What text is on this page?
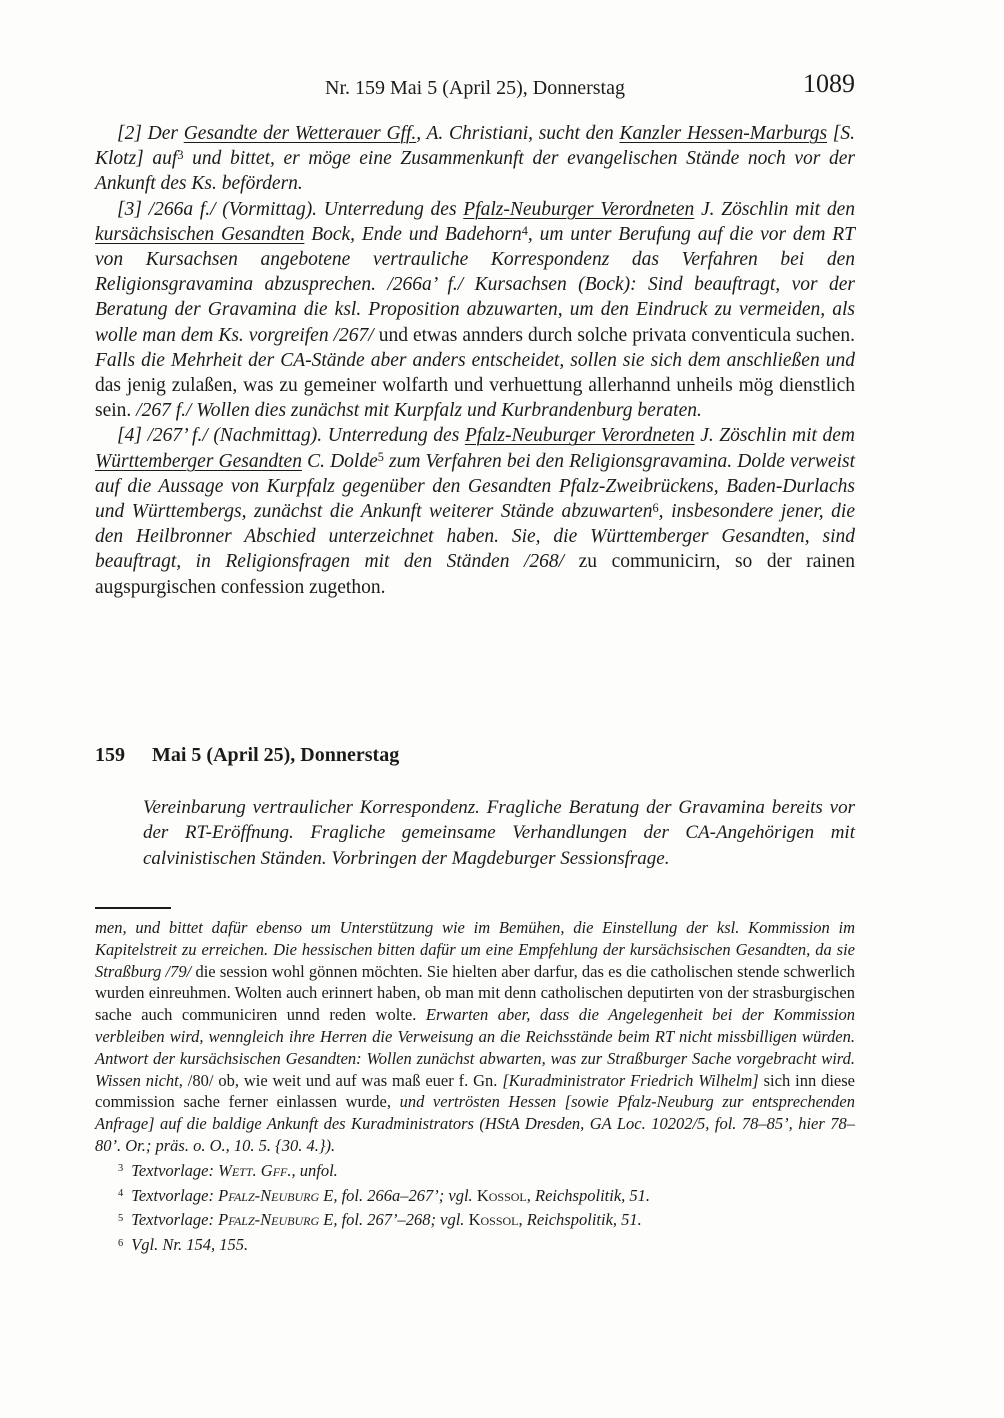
Nr. 159 Mai 5 (April 25), Donnerstag	1089

[2] Der Gesandte der Wetterauer Gff., A. Christiani, sucht den Kanzler Hessen-Marburgs [S. Klotz] auf$^3$ und bittet, er möge eine Zusammenkunft der evangelischen Stände noch vor der Ankunft des Ks. befördern.

[3] /266a f./ (Vormittag). Unterredung des Pfalz-Neuburger Verordneten J. Zöschlin mit den kursächsischen Gesandten Bock, Ende und Badehorn$^4$, um unter Berufung auf die vor dem RT von Kursachsen angebotene vertrauliche Korrespondenz das Verfahren bei den Religionsgravamina abzusprechen. /266a’ f./ Kursachsen (Bock): Sind beauftragt, vor der Beratung der Gravamina die ksl. Proposition abzuwarten, um den Eindruck zu vermeiden, als wolle man dem Ks. vorgreifen /267/ und etwas annders durch solche privata conventicula suchen. Falls die Mehrheit der CA-Stände aber anders entscheidet, sollen sie sich dem anschließen und das jenig zulaßen, was zu gemeiner wolfarth und verhuettung allerhannd unheils mög dienstlich sein. /267 f./ Wollen dies zunächst mit Kurpfalz und Kurbrandenburg beraten.

[4] /267’ f./ (Nachmittag). Unterredung des Pfalz-Neuburger Verordneten J. Zöschlin mit dem Württemberger Gesandten C. Dolde$^5$ zum Verfahren bei den Religionsgravamina. Dolde verweist auf die Aussage von Kurpfalz gegenüber den Gesandten Pfalz-Zweibrückens, Baden-Durlachs und Württembergs, zunächst die Ankunft weiterer Stände abzuwarten$^6$, insbesondere jener, die den Heilbronner Abschied unterzeichnet haben. Sie, die Württemberger Gesandten, sind beauftragt, in Religionsfragen mit den Ständen /268/ zu communicirn, so der rainen augspurgischen confession zugethon.

159	Mai 5 (April 25), Donnerstag

Vereinbarung vertraulicher Korrespondenz. Fragliche Beratung der Gravamina bereits vor der RT-Eröffnung. Fragliche gemeinsame Verhandlungen der CA-Angehörigen mit calvinistischen Ständen. Vorbringen der Magdeburger Sessionsfrage.

men, und bittet dafür ebenso um Unterstützung wie im Bemühen, die Einstellung der ksl. Kommission im Kapitelstreit zu erreichen. Die hessischen bitten dafür um eine Empfehlung der kursächsischen Gesandten, da sie Straßburg /79/ die session wohl gönnen möchten. Sie hielten aber darfur, das es die catholischen stende schwerlich wurden einreuhmen. Wolten auch erinnert haben, ob man mit denn catholischen deputirten von der strasburgischen sache auch communiciren unnd reden wolte. Erwarten aber, dass die Angelegenheit bei der Kommission verbleiben wird, wenngleich ihre Herren die Verweisung an die Reichsstände beim RT nicht missbilligen würden. Antwort der kursächsischen Gesandten: Wollen zunächst abwarten, was zur Straßburger Sache vorgebracht wird. Wissen nicht, /80/ ob, wie weit und auf was maß euer f. Gn. [Kuradministrator Friedrich Wilhelm] sich inn diese commission sache ferner einlassen wurde, und vertrösten Hessen [sowie Pfalz-Neuburg zur entsprechenden Anfrage] auf die baldige Ankunft des Kuradministrators (HStA Dresden, GA Loc. 10202/5, fol. 78–85’, hier 78–80’. Or.; präs. o. O., 10. 5. {30. 4.}).

$^3$ Textvorlage: Wett. Gff., unfol.

$^4$ Textvorlage: Pfalz-Neuburg E, fol. 266a–267’; vgl. Kossol, Reichspolitik, 51.

$^5$ Textvorlage: Pfalz-Neuburg E, fol. 267’–268; vgl. Kossol, Reichspolitik, 51.

$^6$ Vgl. Nr. 154, 155.
